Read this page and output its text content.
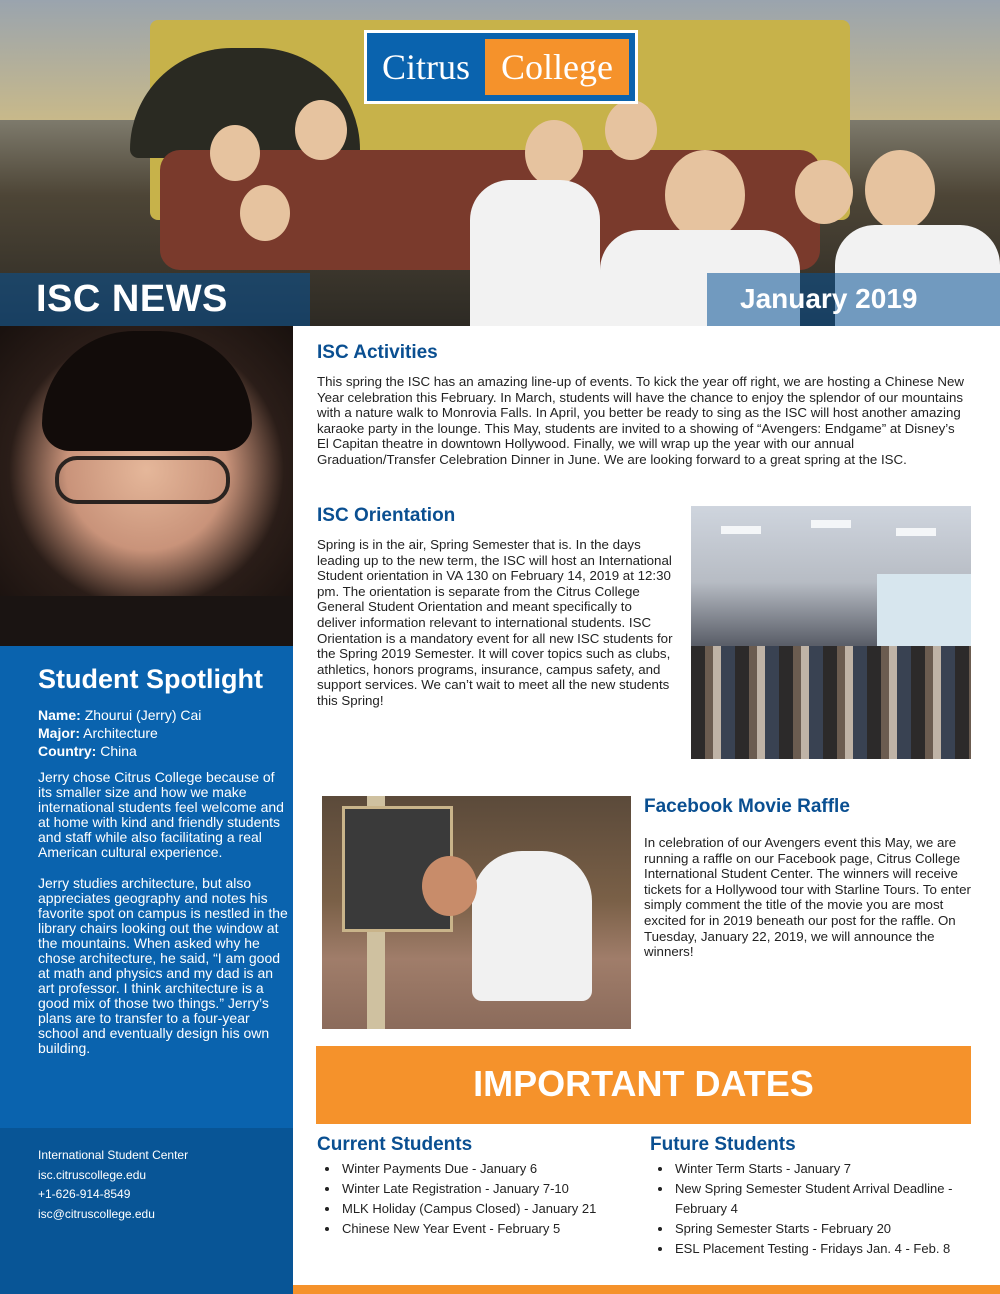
Citrus College
ISC NEWS	January 2019
Student Spotlight
Name: Zhourui (Jerry) Cai
Major: Architecture
Country: China

Jerry chose Citrus College because of its smaller size and how we make international students feel welcome and at home with kind and friendly students and staff while also facilitating a real American cultural experience.

Jerry studies architecture, but also appreciates geography and notes his favorite spot on campus is nestled in the library chairs looking out the window at the mountains. When asked why he chose architecture, he said, “I am good at math and physics and my dad is an art professor. I think architecture is a good mix of those two things.” Jerry’s plans are to transfer to a four-year school and eventually design his own building.

International Student Center
isc.citruscollege.edu
+1-626-914-8549
isc@citruscollege.edu
ISC Activities
This spring the ISC has an amazing line-up of events. To kick the year off right, we are hosting a Chinese New Year celebration this February. In March, students will have the chance to enjoy the splendor of our mountains with a nature walk to Monrovia Falls. In April, you better be ready to sing as the ISC will host another amazing karaoke party in the lounge. This May, students are invited to a showing of “Avengers: Endgame” at Disney’s El Capitan theatre in downtown Hollywood. Finally, we will wrap up the year with our annual Graduation/Transfer Celebration Dinner in June. We are looking forward to a great spring at the ISC.
ISC Orientation
Spring is in the air, Spring Semester that is. In the days leading up to the new term, the ISC will host an International Student orientation in VA 130 on February 14, 2019 at 12:30 pm. The orientation is separate from the Citrus College General Student Orientation and meant specifically to deliver information relevant to international students. ISC Orientation is a mandatory event for all new ISC students for the Spring 2019 Semester. It will cover topics such as clubs, athletics, honors programs, insurance, campus safety, and support services. We can’t wait to meet all the new students this Spring!
Facebook Movie Raffle
In celebration of our Avengers event this May, we are running a raffle on our Facebook page, Citrus College International Student Center. The winners will receive tickets for a Hollywood tour with Starline Tours. To enter simply comment the title of the movie you are most excited for in 2019 beneath our post for the raffle. On Tuesday, January 22, 2019, we will announce the winners!
IMPORTANT DATES
Current Students
• Winter Payments Due - January 6
• Winter Late Registration - January 7-10
• MLK Holiday (Campus Closed) - January 21
• Chinese New Year Event - February 5
Future Students
• Winter Term Starts - January 7
• New Spring Semester Student Arrival Deadline - February 4
• Spring Semester Starts - February 20
• ESL Placement Testing - Fridays Jan. 4 - Feb. 8
